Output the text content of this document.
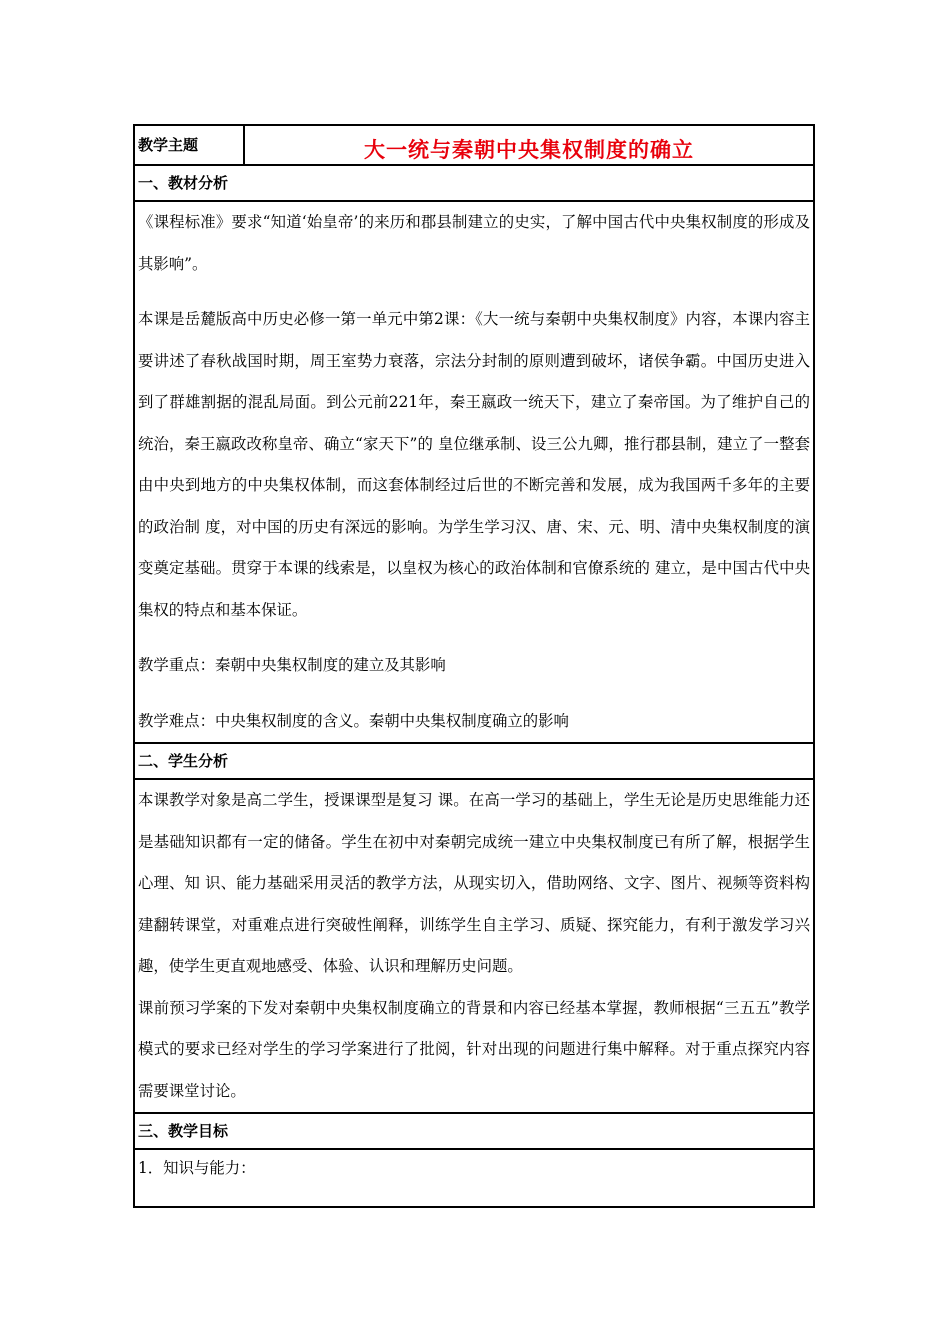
教学主题	大一统与秦朝中央集权制度的确立
一、教材分析

《课程标准》要求“知道‘始皇帝’的来历和郡县制建立的史实，了解中国古代中央集权制度的形成及其影响”。

本课是岳麓版高中历史必修一第一单元中第2课：《大一统与秦朝中央集权制度》内容，本课内容主要讲述了春秋战国时期，周王室势力衰落，宗法分封制的原则遭到破坏，诸侯争霸。中国历史进入到了群雄割据的混乱局面。到公元前221年，秦王嬴政一统天下，建立了秦帝国。为了维护自己的统治，秦王嬴政改称皇帝、确立“家天下”的 皇位继承制、设三公九卿，推行郡县制，建立了一整套由中央到地方的中央集权体制，而这套体制经过后世的不断完善和发展，成为我国两千多年的主要的政治制 度，对中国的历史有深远的影响。为学生学习汉、唐、宋、元、明、清中央集权制度的演变奠定基础。贯穿于本课的线索是，以皇权为核心的政治体制和官僚系统的 建立，是中国古代中央集权的特点和基本保证。

教学重点：秦朝中央集权制度的建立及其影响

教学难点：中央集权制度的含义。秦朝中央集权制度确立的影响

二、学生分析

本课教学对象是高二学生，授课课型是复习 课。在高一学习的基础上，学生无论是历史思维能力还是基础知识都有一定的储备。学生在初中对秦朝完成统一建立中央集权制度已有所了解，根据学生心理、知 识、能力基础采用灵活的教学方法，从现实切入，借助网络、文字、图片、视频等资料构建翻转课堂，对重难点进行突破性阐释，训练学生自主学习、质疑、探究能力，有利于激发学习兴趣，使学生更直观地感受、体验、认识和理解历史问题。

课前预习学案的下发对秦朝中央集权制度确立的背景和内容已经基本掌握，教师根据“三五五”教学模式的要求已经对学生的学习学案进行了批阅，针对出现的问题进行集中解释。对于重点探究内容需要课堂讨论。

三、教学目标

1．知识与能力：
